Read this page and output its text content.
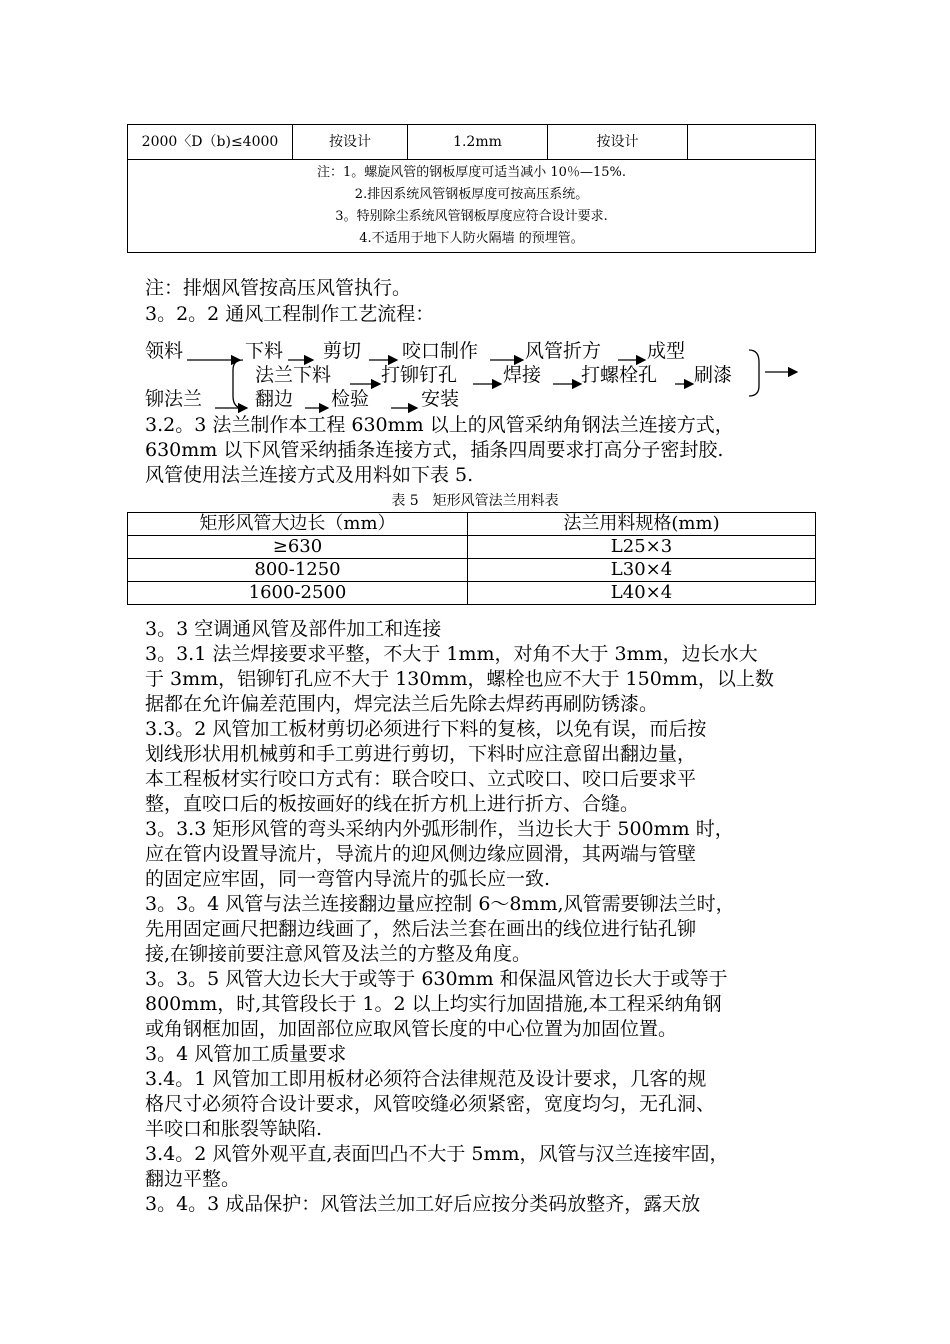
2000〈D（b)≤4000	按设计	1.2mm	按设计	

注：1。螺旋风管的钢板厚度可适当减小 10％—15%.
2.排因系统风管钢板厚度可按高压系统。
3。特别除尘系统风管钢板厚度应符合设计要求.
4.不适用于地下人防火隔墙 的预埋管。
注：排烟风管按高压风管执行。
3。2。2 通风工程制作工艺流程：
领料	下料 剪切 咬口制作 风管折方 成型
法兰下料	打铆钉孔 焊接 打螺栓孔 刷漆
铆法兰	翻边 检验	安装

3.2。3 法兰制作本工程 630mm 以上的风管采纳角钢法兰连接方式，

630mm 以下风管采纳插条连接方式，插条四周要求打高分子密封胶.

风管使用法兰连接方式及用料如下表 5.

表 5　矩形风管法兰用料表
矩形风管大边长（mm）	法兰用料规格(mm)
≥630	L25×3
800-1250	L30×4
1600-2500	L40×4

3。3 空调通风管及部件加工和连接

3。3.1 法兰焊接要求平整，不大于 1mm，对角不大于 3mm，边长水大

于 3mm，铝铆钉孔应不大于 130mm，螺栓也应不大于 150mm，以上数

据都在允许偏差范围内，焊完法兰后先除去焊药再刷防锈漆。

3.3。2 风管加工板材剪切必须进行下料的复核，以免有误，而后按

划线形状用机械剪和手工剪进行剪切，下料时应注意留出翻边量，

本工程板材实行咬口方式有：联合咬口、立式咬口、咬口后要求平

整，直咬口后的板按画好的线在折方机上进行折方、合缝。

3。3.3 矩形风管的弯头采纳内外弧形制作，当边长大于 500mm 时，

应在管内设置导流片，导流片的迎风侧边缘应圆滑，其两端与管壁

的固定应牢固，同一弯管内导流片的弧长应一致.

3。3。4 风管与法兰连接翻边量应控制 6～8mm,风管需要铆法兰时，

先用固定画尺把翻边线画了，然后法兰套在画出的线位进行钻孔铆

接,在铆接前要注意风管及法兰的方整及角度。

3。3。5 风管大边长大于或等于 630mm 和保温风管边长大于或等于

800mm，时,其管段长于 1。2 以上均实行加固措施,本工程采纳角钢

或角钢框加固，加固部位应取风管长度的中心位置为加固位置。

3。4 风管加工质量要求

3.4。1 风管加工即用板材必须符合法律规范及设计要求，几客的规

格尺寸必须符合设计要求，风管咬缝必须紧密，宽度均匀，无孔洞、

半咬口和胀裂等缺陷.

3.4。2 风管外观平直,表面凹凸不大于 5mm，风管与汉兰连接牢固，

翻边平整。

3。4。3 成品保护：风管法兰加工好后应按分类码放整齐，露天放
